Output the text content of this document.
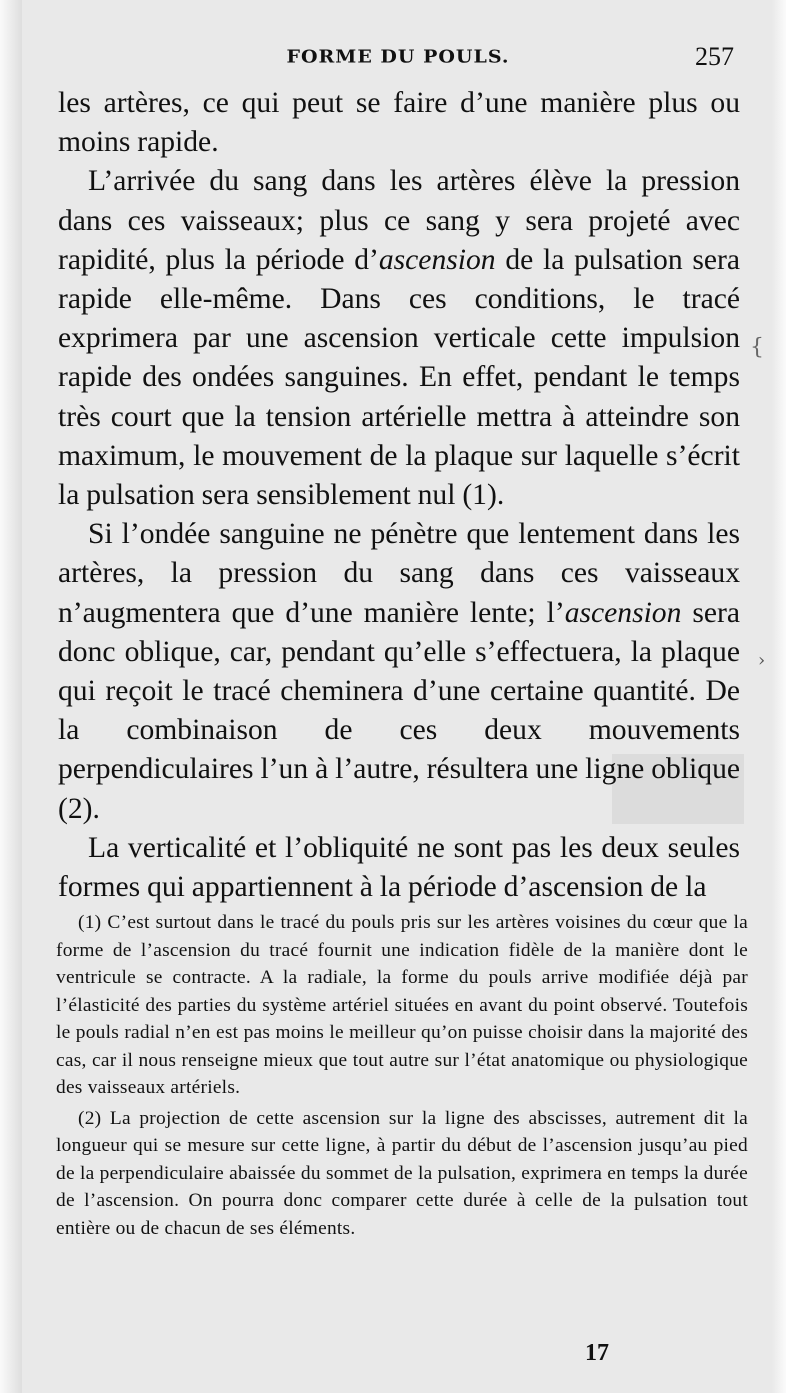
FORME DU POULS.	257

les artères, ce qui peut se faire d’une manière plus ou moins rapide.

L’arrivée du sang dans les artères élève la pression dans ces vaisseaux; plus ce sang y sera projeté avec rapidité, plus la période d’ascension de la pulsation sera rapide elle-même. Dans ces conditions, le tracé exprimera par une ascension verticale cette impulsion rapide des ondées sanguines. En effet, pendant le temps très court que la tension artérielle mettra à atteindre son maximum, le mouvement de la plaque sur laquelle s’écrit la pulsation sera sensiblement nul (1).

Si l’ondée sanguine ne pénètre que lentement dans les artères, la pression du sang dans ces vaisseaux n’augmentera que d’une manière lente; l’ascension sera donc oblique, car, pendant qu’elle s’effectuera, la plaque qui reçoit le tracé cheminera d’une certaine quantité. De la combinaison de ces deux mouvements perpendiculaires l’un à l’autre, résultera une ligne oblique (2).

La verticalité et l’obliquité ne sont pas les deux seules formes qui appartiennent à la période d’ascension de la

(1) C’est surtout dans le tracé du pouls pris sur les artères voisines du cœur que la forme de l’ascension du tracé fournit une indication fidèle de la manière dont le ventricule se contracte. A la radiale, la forme du pouls arrive modifiée déjà par l’élasticité des parties du système artériel situées en avant du point observé. Toutefois le pouls radial n’en est pas moins le meilleur qu’on puisse choisir dans la majorité des cas, car il nous renseigne mieux que tout autre sur l’état anatomique ou physiologique des vaisseaux artériels.

(2) La projection de cette ascension sur la ligne des abscisses, autrement dit la longueur qui se mesure sur cette ligne, à partir du début de l’ascension jusqu’au pied de la perpendiculaire abaissée du sommet de la pulsation, exprimera en temps la durée de l’ascension. On pourra donc comparer cette durée à celle de la pulsation tout entière ou de chacun de ses éléments.

17
{
›
